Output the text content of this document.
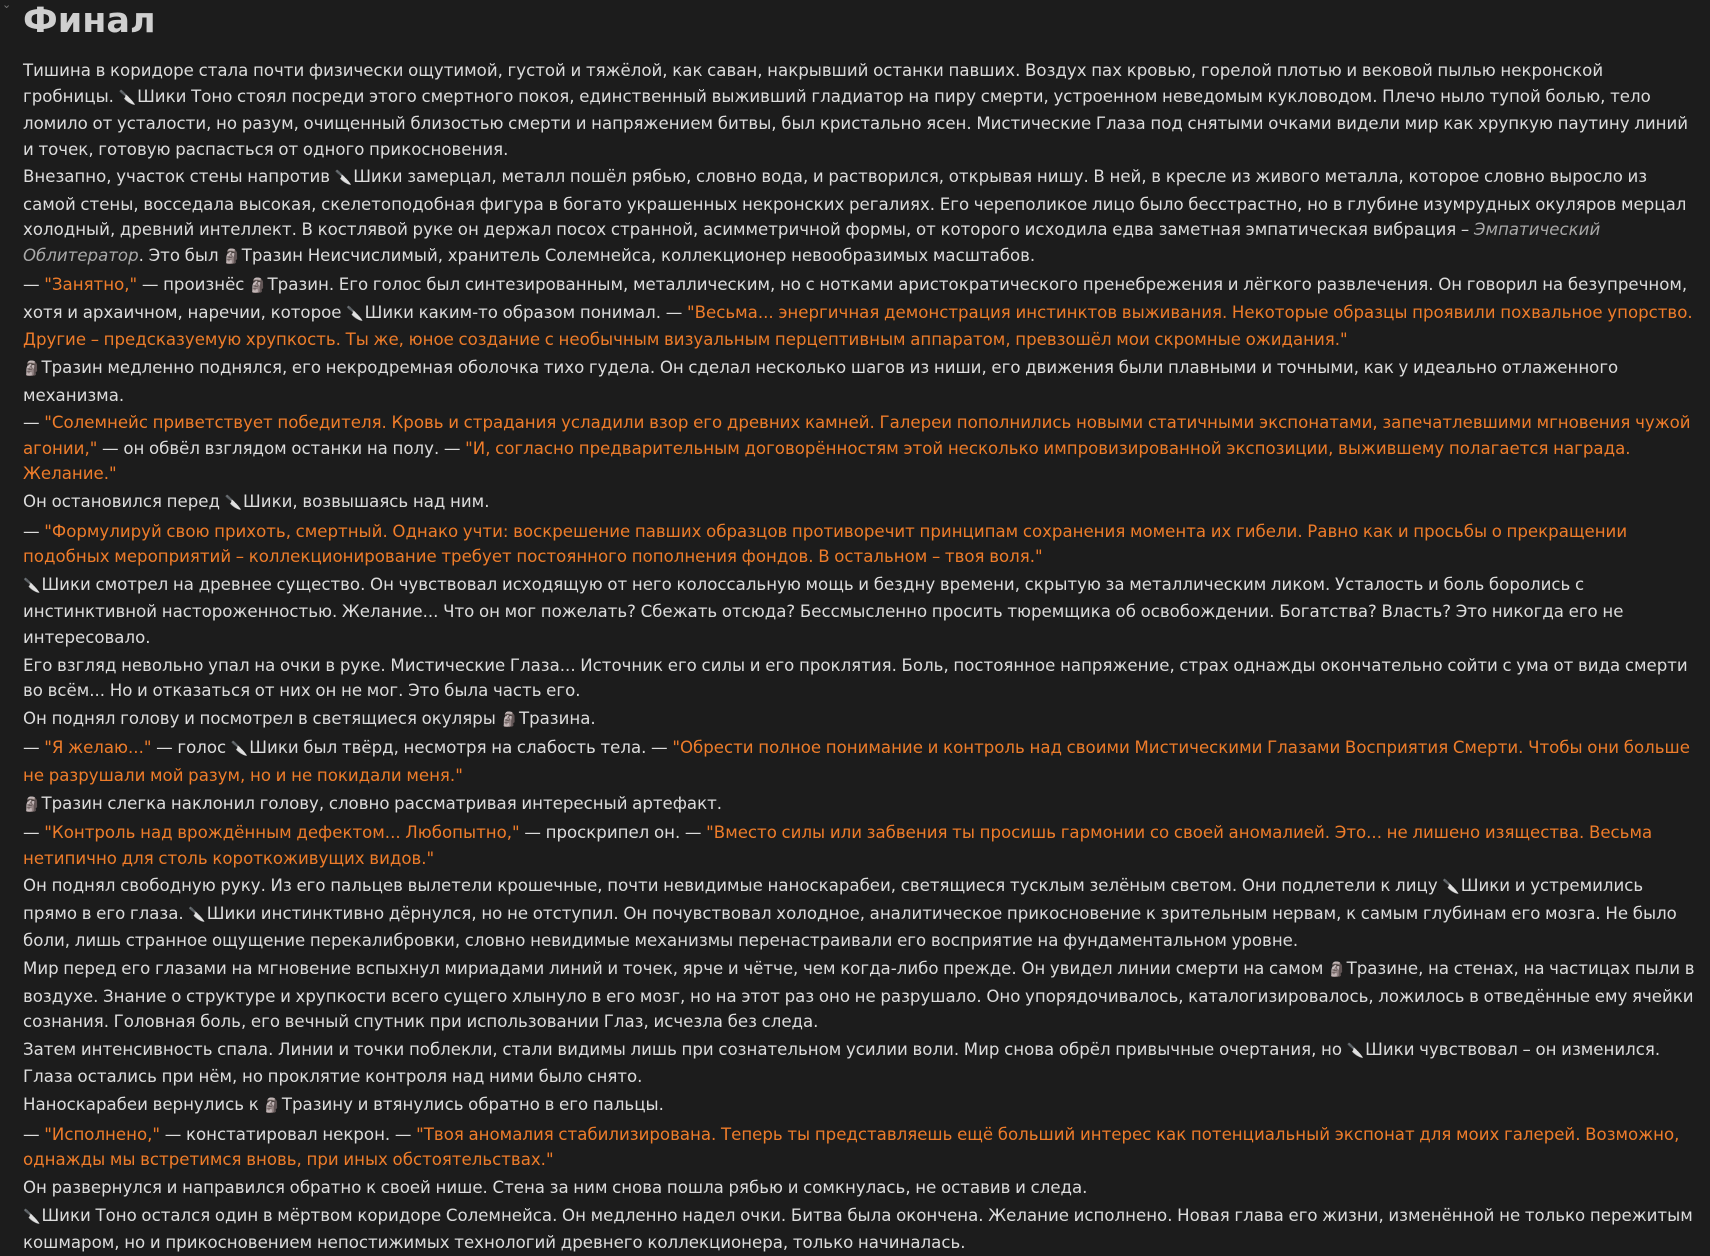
⌄ Финал

Тишина в коридоре стала почти физически ощутимой, густой и тяжёлой, как саван, накрывший останки павших. Воздух пах кровью, горелой плотью и вековой пылью некронской гробницы. 🔪Шики Тоно стоял посреди этого смертного покоя, единственный выживший гладиатор на пиру смерти, устроенном неведомым кукловодом. Плечо ныло тупой болью, тело ломило от усталости, но разум, очищенный близостью смерти и напряжением битвы, был кристально ясен. Мистические Глаза под снятыми очками видели мир как хрупкую паутину линий и точек, готовую распасться от одного прикосновения.

Внезапно, участок стены напротив 🔪Шики замерцал, металл пошёл рябью, словно вода, и растворился, открывая нишу. В ней, в кресле из живого металла, которое словно выросло из самой стены, восседала высокая, скелетоподобная фигура в богато украшенных некронских регалиях. Его череполикое лицо было бесстрастно, но в глубине изумрудных окуляров мерцал холодный, древний интеллект. В костлявой руке он держал посох странной, асимметричной формы, от которого исходила едва заметная эмпатическая вибрация – Эмпатический Облитератор. Это был 🗿Тразин Неисчислимый, хранитель Солемнейса, коллекционер невообразимых масштабов.

— "Занятно," — произнёс 🗿Тразин. Его голос был синтезированным, металлическим, но с нотками аристократического пренебрежения и лёгкого развлечения. Он говорил на безупречном, хотя и архаичном, наречии, которое 🔪Шики каким-то образом понимал. — "Весьма... энергичная демонстрация инстинктов выживания. Некоторые образцы проявили похвальное упорство. Другие – предсказуемую хрупкость. Ты же, юное создание с необычным визуальным перцептивным аппаратом, превзошёл мои скромные ожидания."

🗿Тразин медленно поднялся, его некродремная оболочка тихо гудела. Он сделал несколько шагов из ниши, его движения были плавными и точными, как у идеально отлаженного механизма.

— "Солемнейс приветствует победителя. Кровь и страдания усладили взор его древних камней. Галереи пополнились новыми статичными экспонатами, запечатлевшими мгновения чужой агонии," — он обвёл взглядом останки на полу. — "И, согласно предварительным договорённостям этой несколько импровизированной экспозиции, выжившему полагается награда. Желание."

Он остановился перед 🔪Шики, возвышаясь над ним.

— "Формулируй свою прихоть, смертный. Однако учти: воскрешение павших образцов противоречит принципам сохранения момента их гибели. Равно как и просьбы о прекращении подобных мероприятий – коллекционирование требует постоянного пополнения фондов. В остальном – твоя воля."

🔪Шики смотрел на древнее существо. Он чувствовал исходящую от него колоссальную мощь и бездну времени, скрытую за металлическим ликом. Усталость и боль боролись с инстинктивной настороженностью. Желание... Что он мог пожелать? Сбежать отсюда? Бессмысленно просить тюремщика об освобождении. Богатства? Власть? Это никогда его не интересовало.

Его взгляд невольно упал на очки в руке. Мистические Глаза... Источник его силы и его проклятия. Боль, постоянное напряжение, страх однажды окончательно сойти с ума от вида смерти во всём... Но и отказаться от них он не мог. Это была часть его.

Он поднял голову и посмотрел в светящиеся окуляры 🗿Тразина.

— "Я желаю..." — голос 🔪Шики был твёрд, несмотря на слабость тела. — "Обрести полное понимание и контроль над своими Мистическими Глазами Восприятия Смерти. Чтобы они больше не разрушали мой разум, но и не покидали меня."

🗿Тразин слегка наклонил голову, словно рассматривая интересный артефакт.

— "Контроль над врождённым дефектом... Любопытно," — проскрипел он. — "Вместо силы или забвения ты просишь гармонии со своей аномалией. Это... не лишено изящества. Весьма нетипично для столь короткоживущих видов."

Он поднял свободную руку. Из его пальцев вылетели крошечные, почти невидимые наноскарабеи, светящиеся тусклым зелёным светом. Они подлетели к лицу 🔪Шики и устремились прямо в его глаза. 🔪Шики инстинктивно дёрнулся, но не отступил. Он почувствовал холодное, аналитическое прикосновение к зрительным нервам, к самым глубинам его мозга. Не было боли, лишь странное ощущение перекалибровки, словно невидимые механизмы перенастраивали его восприятие на фундаментальном уровне.

Мир перед его глазами на мгновение вспыхнул мириадами линий и точек, ярче и чётче, чем когда-либо прежде. Он увидел линии смерти на самом 🗿Тразине, на стенах, на частицах пыли в воздухе. Знание о структуре и хрупкости всего сущего хлынуло в его мозг, но на этот раз оно не разрушало. Оно упорядочивалось, каталогизировалось, ложилось в отведённые ему ячейки сознания. Головная боль, его вечный спутник при использовании Глаз, исчезла без следа.

Затем интенсивность спала. Линии и точки поблекли, стали видимы лишь при сознательном усилии воли. Мир снова обрёл привычные очертания, но 🔪Шики чувствовал – он изменился. Глаза остались при нём, но проклятие контроля над ними было снято.

Наноскарабеи вернулись к 🗿Тразину и втянулись обратно в его пальцы.

— "Исполнено," — констатировал некрон. — "Твоя аномалия стабилизирована. Теперь ты представляешь ещё больший интерес как потенциальный экспонат для моих галерей. Возможно, однажды мы встретимся вновь, при иных обстоятельствах."

Он развернулся и направился обратно к своей нише. Стена за ним снова пошла рябью и сомкнулась, не оставив и следа.

🔪Шики Тоно остался один в мёртвом коридоре Солемнейса. Он медленно надел очки. Битва была окончена. Желание исполнено. Новая глава его жизни, изменённой не только пережитым кошмаром, но и прикосновением непостижимых технологий древнего коллекционера, только начиналась.
